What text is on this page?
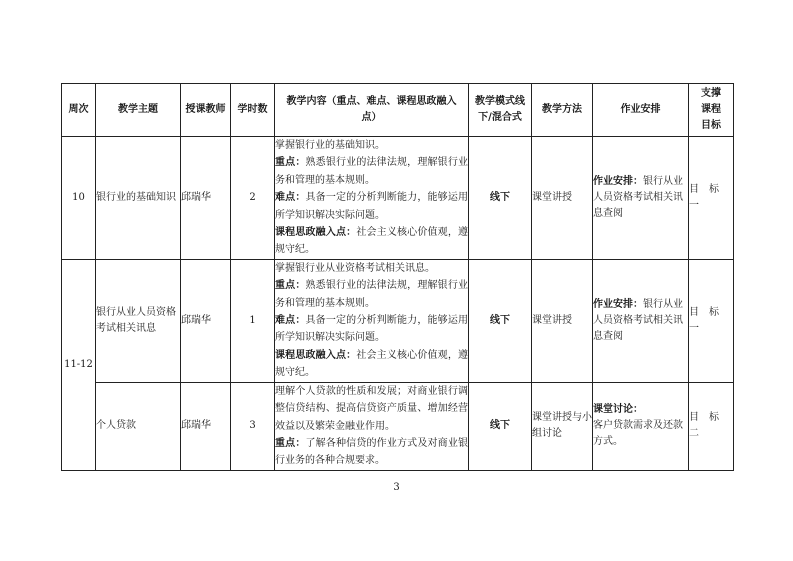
周次	教学主题	授课教师	学时数	教学内容（重点、难点、课程思政融入点）	教学模式线下/混合式	教学方法	作业安排	支撑课程目标
10	银行业的基础知识	邱瑞华	2	掌握银行业的基础知识。
重点：熟悉银行业的法律法规，理解银行业务和管理的基本规则。
难点：具备一定的分析判断能力，能够运用所学知识解决实际问题。
课程思政融入点：社会主义核心价值观，遵规守纪。	线下	课堂讲授	作业安排：银行从业人员资格考试相关讯息查阅	目标一
11-12	银行从业人员资格考试相关讯息	邱瑞华	1	掌握银行业从业资格考试相关讯息。
重点：熟悉银行业的法律法规，理解银行业务和管理的基本规则。
难点：具备一定的分析判断能力，能够运用所学知识解决实际问题。
课程思政融入点：社会主义核心价值观，遵规守纪。	线下	课堂讲授	作业安排：银行从业人员资格考试相关讯息查阅	目标一
	个人贷款	邱瑞华	3	理解个人贷款的性质和发展；对商业银行调整信贷结构、提高信贷资产质量、增加经营效益以及繁荣金融业作用。
重点：了解各种信贷的作业方式及对商业银行业务的各种合规要求。	线下	课堂讲授与小组讨论	课堂讨论：
客户贷款需求及还款方式。	目标二
3
